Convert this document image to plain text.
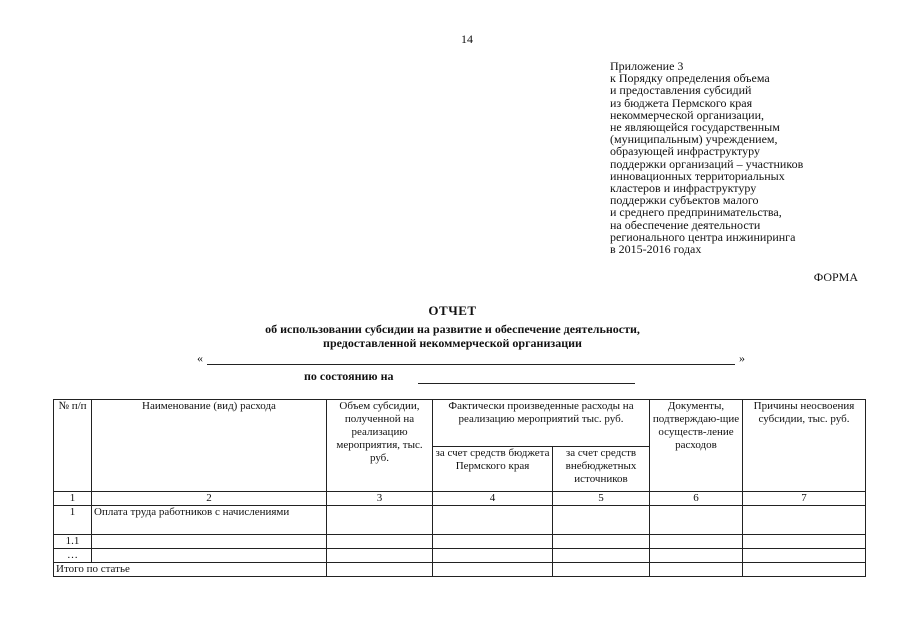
14
Приложение 3
к Порядку определения объема
и предоставления субсидий
из бюджета Пермского края
некоммерческой организации,
не являющейся государственным
(муниципальным) учреждением,
образующей инфраструктуру
поддержки организаций – участников
инновационных территориальных
кластеров и инфраструктуру
поддержки субъектов малого
и среднего предпринимательства,
на обеспечение деятельности
регионального центра инжиниринга
в 2015-2016 годах
ФОРМА
ОТЧЕТ
об использовании субсидии на развитие и обеспечение деятельности,
предоставленной некоммерческой организации
«	»
по состоянию на
№ п/п	Наименование (вид) расхода	Объем субсидии, полученной на реализацию мероприятия, тыс. руб.	Фактически произведенные расходы на реализацию мероприятий тыс. руб.		Документы, подтверждаю-щие осуществ-ление расходов	Причины неосвоения субсидии, тыс. руб.
			за счет средств бюджета Пермского края	за счет средств внебюджетных источников		
1	2	3	4	5	6	7
1	Оплата труда работников с начислениями					
1.1						
…						
Итого по статье						
